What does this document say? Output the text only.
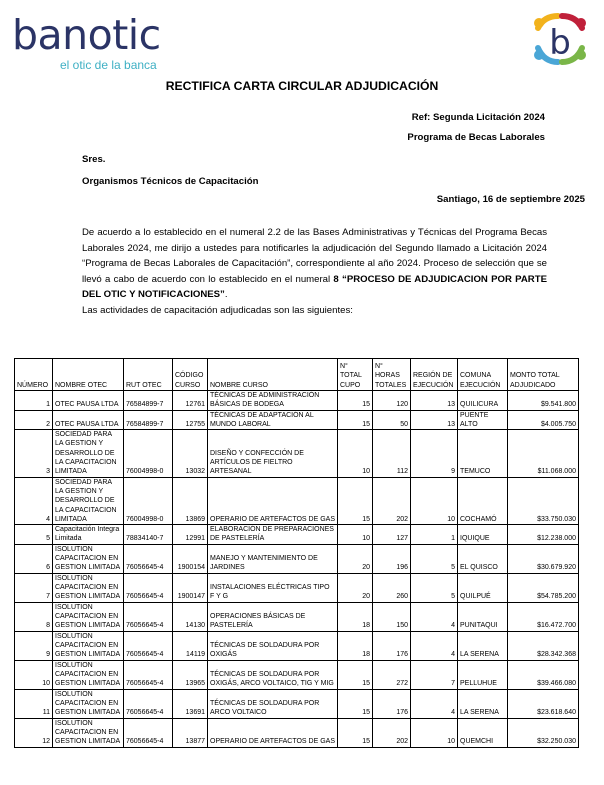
banotic
el otic de la banca
b
RECTIFICA CARTA CIRCULAR ADJUDICACIÓN
Ref: Segunda Licitación 2024
Programa de Becas Laborales
Sres.
Organismos Técnicos de Capacitación
Santiago, 16 de septiembre 2025
De acuerdo a lo establecido en el numeral 2.2 de las Bases Administrativas y Técnicas del Programa Becas Laborales 2024, me dirijo a ustedes para notificarles la adjudicación del Segundo llamado a Licitación 2024 “Programa de Becas Laborales de Capacitación”, correspondiente al año 2024. Proceso de selección que se llevó a cabo de acuerdo con lo establecido en el numeral 8 “PROCESO DE ADJUDICACION POR PARTE DEL OTIC Y NOTIFICACIONES”.
Las actividades de capacitación adjudicadas son las siguientes:
NÚMERO	NOMBRE OTEC	RUT OTEC	CÓDIGO CURSO	NOMBRE CURSO	N° TOTAL CUPO	N° HORAS TOTALES	REGIÓN DE EJECUCIÓN	COMUNA EJECUCIÓN	MONTO TOTAL ADJUDICADO
1	OTEC PAUSA LTDA	76584899-7	12761	TÉCNICAS DE ADMINISTRACIÓN BÁSICAS DE BODEGA	15	120	13	QUILICURA	$9.541.800
2	OTEC PAUSA LTDA	76584899-7	12755	TÉCNICAS DE ADAPTACIÓN AL MUNDO LABORAL	15	50	13	PUENTE ALTO	$4.005.750
3	SOCIEDAD PARA LA GESTION Y DESARROLLO DE LA CAPACITACION LIMITADA	76004998-0	13032	DISEÑO Y CONFECCIÓN DE ARTÍCULOS DE FIELTRO ARTESANAL	10	112	9	TEMUCO	$11.068.000
4	SOCIEDAD PARA LA GESTION Y DESARROLLO DE LA CAPACITACION LIMITADA	76004998-0	13869	OPERARIO DE ARTEFACTOS DE GAS	15	202	10	COCHAMÓ	$33.750.030
5	Capacitación Integra Limitada	78834140-7	12991	ELABORACIÓN DE PREPARACIONES DE PASTELERÍA	10	127	1	IQUIQUE	$12.238.000
6	ISOLUTION CAPACITACION EN GESTION LIMITADA	76056645-4	1900154	MANEJO Y MANTENIMIENTO DE JARDINES	20	196	5	EL QUISCO	$30.679.920
7	ISOLUTION CAPACITACION EN GESTION LIMITADA	76056645-4	1900147	INSTALACIONES ELÉCTRICAS TIPO F Y G	20	260	5	QUILPUÉ	$54.785.200
8	ISOLUTION CAPACITACION EN GESTION LIMITADA	76056645-4	14130	OPERACIONES BÁSICAS DE PASTELERÍA	18	150	4	PUNITAQUI	$16.472.700
9	ISOLUTION CAPACITACION EN GESTION LIMITADA	76056645-4	14119	TÉCNICAS DE SOLDADURA POR OXIGÁS	18	176	4	LA SERENA	$28.342.368
10	ISOLUTION CAPACITACION EN GESTION LIMITADA	76056645-4	13965	TÉCNICAS DE SOLDADURA POR OXIGÁS, ARCO VOLTAICO, TIG Y MIG	15	272	7	PELLUHUE	$39.466.080
11	ISOLUTION CAPACITACION EN GESTION LIMITADA	76056645-4	13691	TÉCNICAS DE SOLDADURA POR ARCO VOLTAICO	15	176	4	LA SERENA	$23.618.640
12	ISOLUTION CAPACITACION EN GESTION LIMITADA	76056645-4	13877	OPERARIO DE ARTEFACTOS DE GAS	15	202	10	QUEMCHI	$32.250.030
